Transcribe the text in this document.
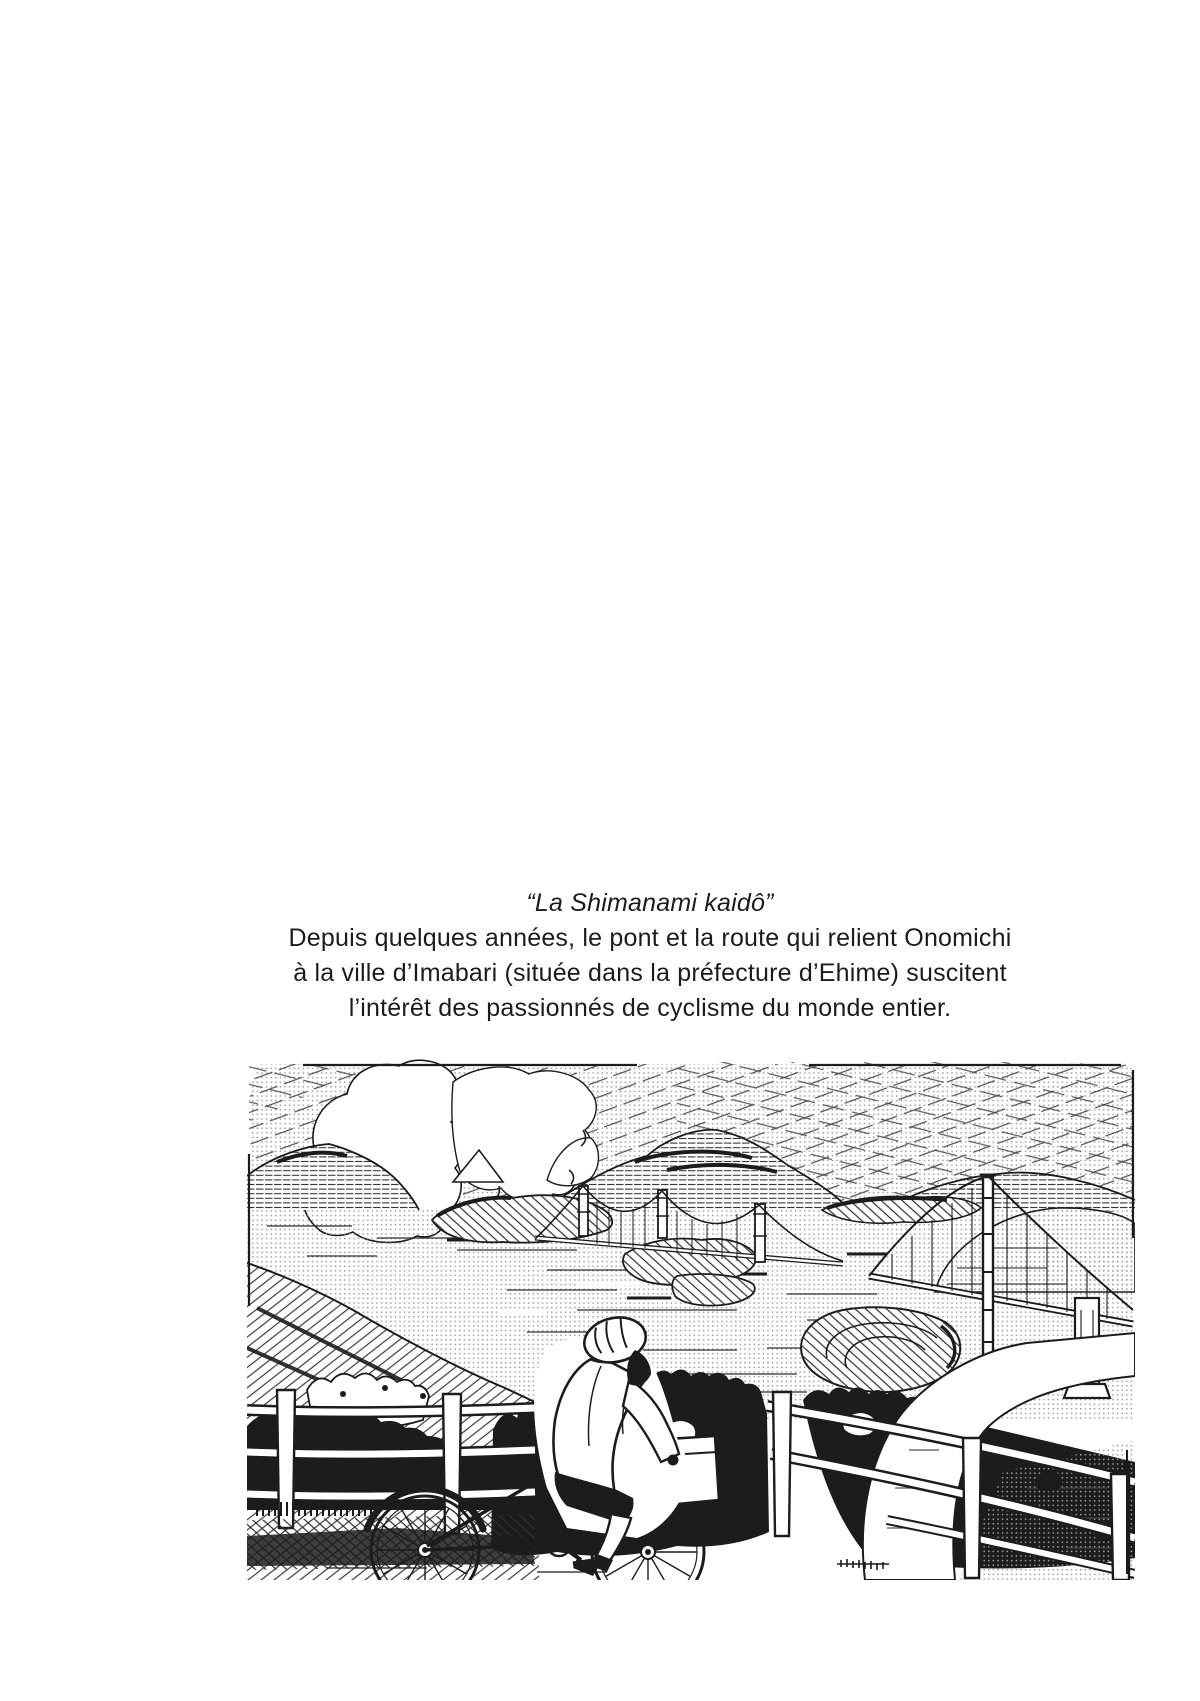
“La Shimanami kaidô”
Depuis quelques années, le pont et la route qui relient Onomichi
à la ville d’Imabari (située dans la préfecture d’Ehime) suscitent
l’intérêt des passionnés de cyclisme du monde entier.
